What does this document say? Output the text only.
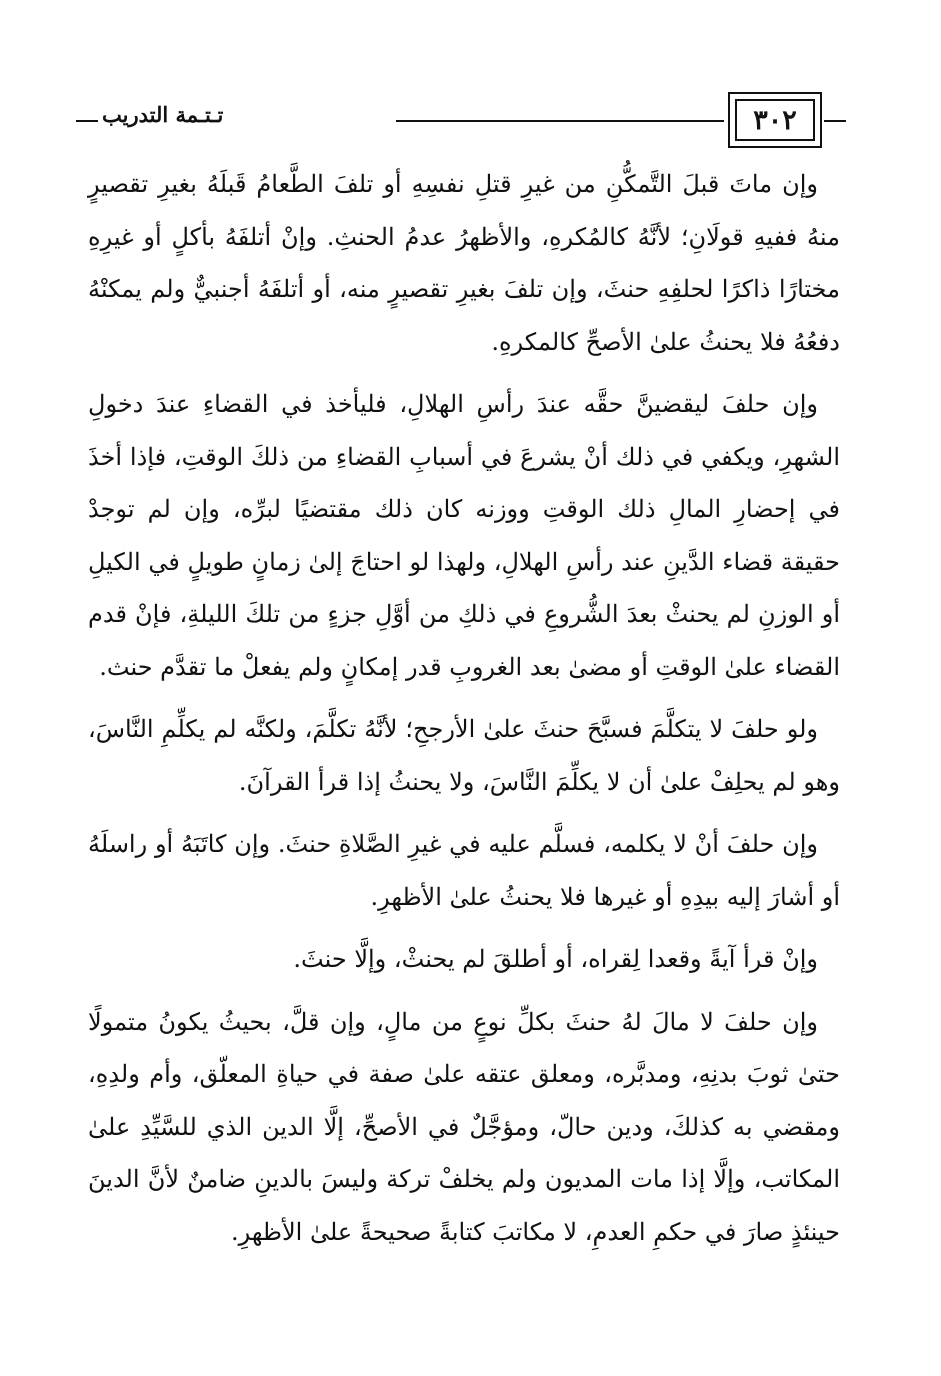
٣٠٢
تـتـمة التدريب

وإن ماتَ قبلَ التَّمكُّنِ من غيرِ قتلِ نفسِهِ أو تلفَ الطَّعامُ قَبلَهُ بغيرِ تقصيرٍ منهُ ففيهِ قولَانِ؛ لأنَّهُ كالمُكرهِ، والأظهرُ عدمُ الحنثِ. وإنْ أتلفَهُ بأكلٍ أو غيرِهِ مختارًا ذاكرًا لحلفِهِ حنثَ، وإن تلفَ بغيرِ تقصيرٍ منه، أو أتلفَهُ أجنبيٌّ ولم يمكنْهُ دفعُهُ فلا يحنثُ علىٰ الأصحِّ كالمكرهِ.

وإن حلفَ ليقضينَّ حقَّه عندَ رأسِ الهلالِ، فليأخذ في القضاءِ عندَ دخولِ الشهرِ، ويكفي في ذلك أنْ يشرعَ في أسبابِ القضاءِ من ذلكَ الوقتِ، فإذا أخذَ في إحضارِ المالِ ذلك الوقتِ ووزنه كان ذلك مقتضيًا لبرِّه، وإن لم توجدْ حقيقة قضاء الدَّينِ عند رأسِ الهلالِ، ولهذا لو احتاجَ إلىٰ زمانٍ طويلٍ في الكيلِ أو الوزنِ لم يحنثْ بعدَ الشُّروعِ في ذلكِ من أوَّلِ جزءٍ من تلكَ الليلةِ، فإنْ قدم القضاء علىٰ الوقتِ أو مضىٰ بعد الغروبِ قدر إمكانٍ ولم يفعلْ ما تقدَّم حنث.

ولو حلفَ لا يتكلَّمَ فسبَّحَ حنثَ علىٰ الأرجحِ؛ لأنَّهُ تكلَّمَ، ولكنَّه لم يكلِّمِ النَّاسَ، وهو لم يحلِفْ علىٰ أن لا يكلِّمَ النَّاسَ، ولا يحنثُ إذا قرأ القرآنَ.

وإن حلفَ أنْ لا يكلمه، فسلَّم عليه في غيرِ الصَّلاةِ حنثَ. وإن كاتَبَهُ أو راسلَهُ أو أشارَ إليه بيدِهِ أو غيرها فلا يحنثُ علىٰ الأظهرِ.

وإنْ قرأ آيةً وقعدا لِقراه، أو أطلقَ لم يحنثْ، وإلَّا حنثَ.

وإن حلفَ لا مالَ لهُ حنثَ بكلِّ نوعٍ من مالٍ، وإن قلَّ، بحيثُ يكونُ متمولًا حتىٰ ثوبَ بدنِهِ، ومدبَّره، ومعلق عتقه علىٰ صفة في حياةِ المعلّق، وأم ولدِهِ، ومقضي به كذلكَ، ودين حالّ، ومؤجَّلٌ في الأصحِّ، إلَّا الدين الذي للسَّيِّدِ علىٰ المكاتب، وإلَّا إذا مات المديون ولم يخلفْ تركة وليسَ بالدينِ ضامنٌ لأنَّ الدينَ حينئذٍ صارَ في حكمِ العدمِ، لا مكاتبَ كتابةً صحيحةً علىٰ الأظهرِ.
